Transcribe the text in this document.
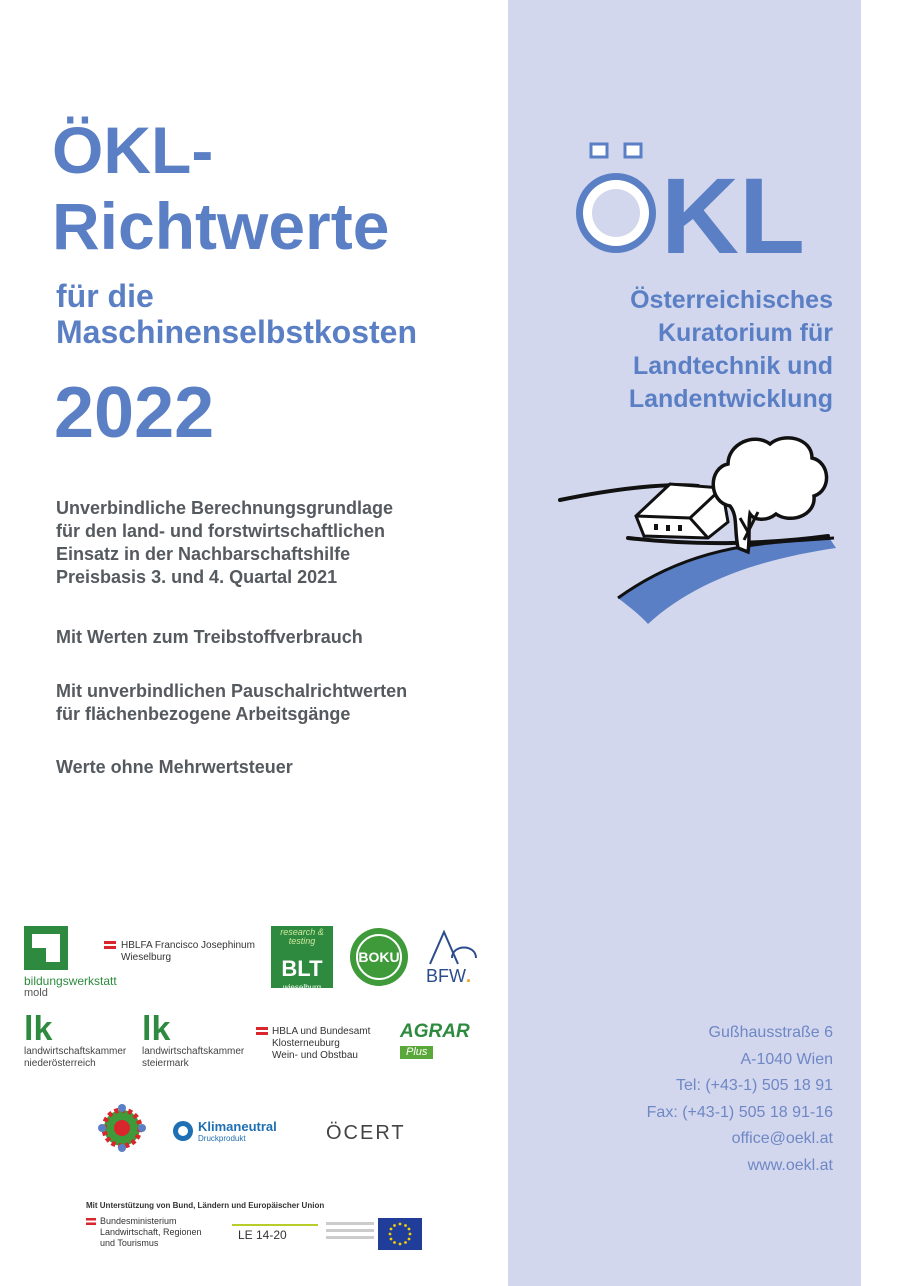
ÖKL-
Richtwerte
für die
Maschinenselbstkosten
2022
Unverbindliche Berechnungsgrundlage
für den land- und forstwirtschaftlichen
Einsatz in der Nachbarschaftshilfe
Preisbasis 3. und 4. Quartal 2021
Mit Werten zum Treibstoffverbrauch
Mit unverbindlichen Pauschalrichtwerten
für flächenbezogene Arbeitsgänge
Werte ohne Mehrwertsteuer
KL
Österreichisches
Kuratorium für
Landtechnik und
Landentwicklung
Gußhausstraße 6
A-1040 Wien
Tel: (+43-1) 505 18 91
Fax: (+43-1) 505 18 91-16
office@oekl.at
www.oekl.at
bildungswerkstatt
mold
HBLFA Francisco Josephinum
Wieselburg
research & testing
BLT
wieselburg
BOKU
BFW.
lk
landwirtschaftskammer
niederösterreich
lk
landwirtschaftskammer
steiermark
HBLA und Bundesamt
Klosterneuburg
Wein- und Obstbau
AGRAR
Plus
Klimaneutral
Druckprodukt	ÖCERT
Mit Unterstützung von Bund, Ländern und Europäischer Union
Bundesministerium
Landwirtschaft, Regionen
und Tourismus
LE 14-20
